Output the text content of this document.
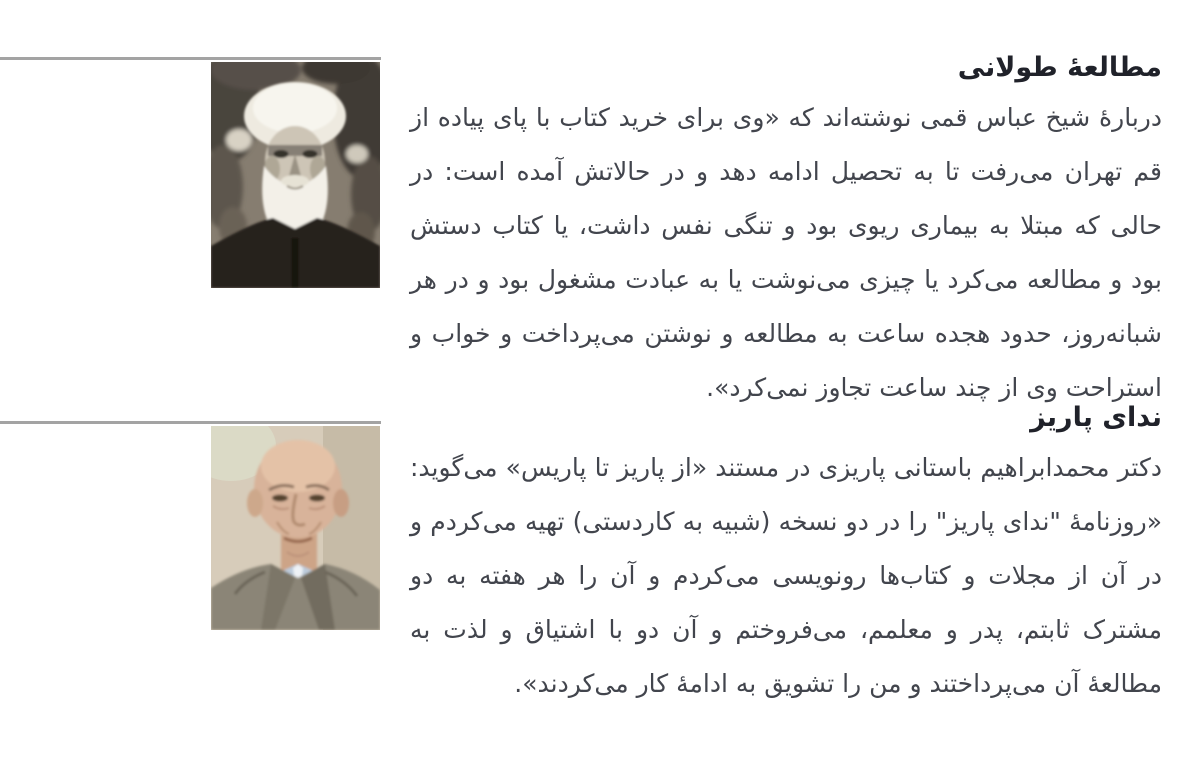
مطالعهٔ طولانی

دربارهٔ شیخ عباس قمی نوشته‌اند که «وی برای خرید کتاب با پای پیاده از قم تهران می‌رفت تا به تحصیل ادامه دهد و در حالاتش آمده است: در حالی که مبتلا به بیماری ریوی بود و تنگی نفس داشت، یا کتاب دستش بود و مطالعه می‌کرد یا چیزی می‌نوشت یا به عبادت مشغول بود و در هر شبانه‌روز، حدود هجده ساعت به مطالعه و نوشتن می‌پرداخت و خواب و استراحت وی از چند ساعت تجاوز نمی‌کرد».

ندای پاریز

دکتر محمدابراهیم باستانی پاریزی در مستند «از پاریز تا پاریس» می‌گوید: «روزنامهٔ "ندای پاریز" را در دو نسخه (شبیه به کاردستی) تهیه می‌کردم و در آن از مجلات و کتاب‌ها رونویسی می‌کردم و آن را هر هفته به دو مشترک ثابتم، پدر و معلمم، می‌فروختم و آن دو با اشتیاق و لذت به مطالعهٔ آن می‌پرداختند و من را تشویق به ادامهٔ کار می‌کردند».
